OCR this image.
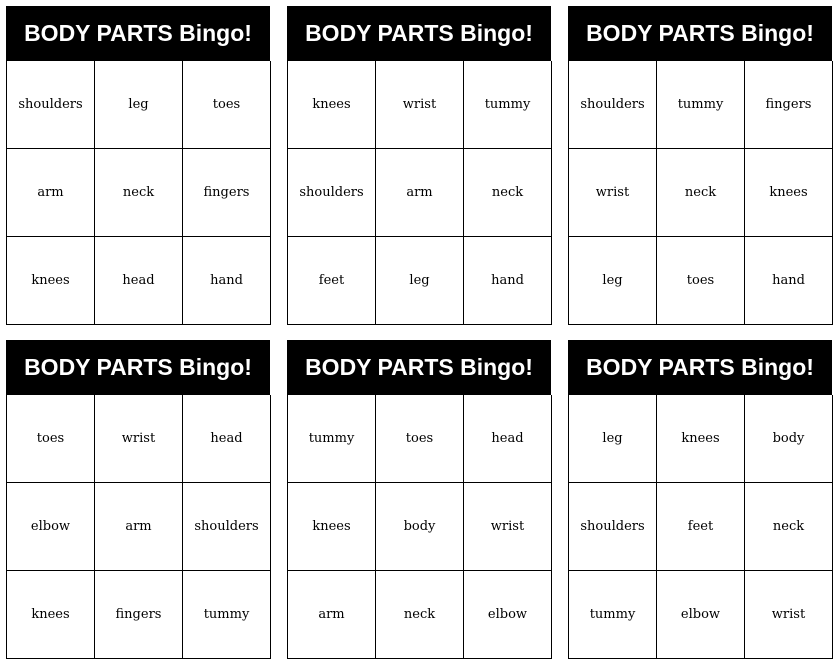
BODY PARTS Bingo!
shoulders	leg	toes
arm	neck	fingers
knees	head	hand
BODY PARTS Bingo!
knees	wrist	tummy
shoulders	arm	neck
feet	leg	hand
BODY PARTS Bingo!
shoulders	tummy	fingers
wrist	neck	knees
leg	toes	hand
BODY PARTS Bingo!
toes	wrist	head
elbow	arm	shoulders
knees	fingers	tummy
BODY PARTS Bingo!
tummy	toes	head
knees	body	wrist
arm	neck	elbow
BODY PARTS Bingo!
leg	knees	body
shoulders	feet	neck
tummy	elbow	wrist
